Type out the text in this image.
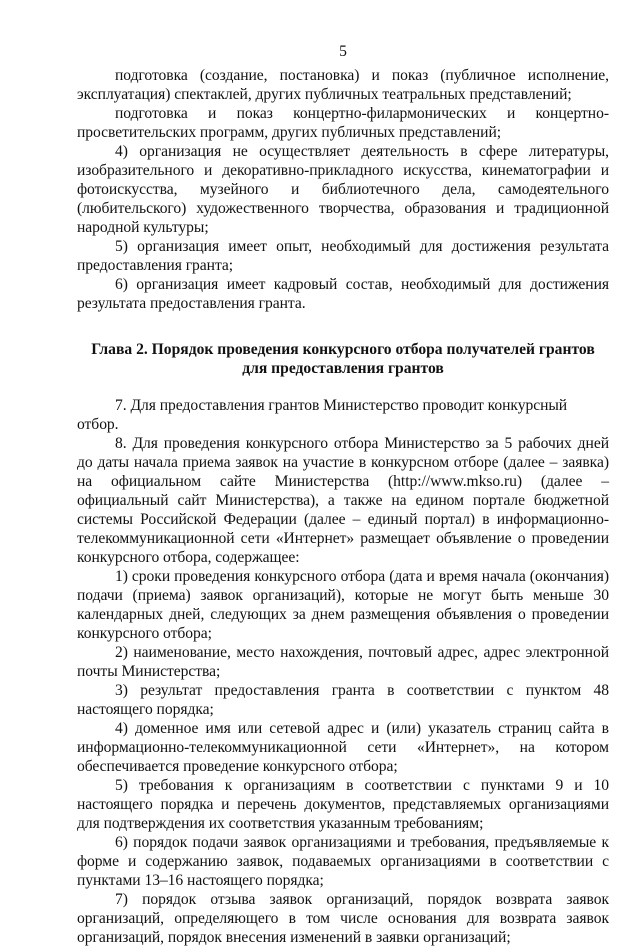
5

подготовка (создание, постановка) и показ (публичное исполнение, эксплуатация) спектаклей, других публичных театральных представлений;

подготовка и показ концертно-филармонических и концертно-просветительских программ, других публичных представлений;

4) организация не осуществляет деятельность в сфере литературы, изобразительного и декоративно-прикладного искусства, кинематографии и фотоискусства, музейного и библиотечного дела, самодеятельного (любительского) художественного творчества, образования и традиционной народной культуры;

5) организация имеет опыт, необходимый для достижения результата предоставления гранта;

6) организация имеет кадровый состав, необходимый для достижения результата предоставления гранта.

Глава 2. Порядок проведения конкурсного отбора получателей грантов
для предоставления грантов

7. Для предоставления грантов Министерство проводит конкурсный отбор.

8. Для проведения конкурсного отбора Министерство за 5 рабочих дней до даты начала приема заявок на участие в конкурсном отборе (далее – заявка) на официальном сайте Министерства (http://www.mkso.ru) (далее – официальный сайт Министерства), а также на едином портале бюджетной системы Российской Федерации (далее – единый портал) в информационно-телекоммуникационной сети «Интернет» размещает объявление о проведении конкурсного отбора, содержащее:

1) сроки проведения конкурсного отбора (дата и время начала (окончания) подачи (приема) заявок организаций), которые не могут быть меньше 30 календарных дней, следующих за днем размещения объявления о проведении конкурсного отбора;

2) наименование, место нахождения, почтовый адрес, адрес электронной почты Министерства;

3) результат предоставления гранта в соответствии с пунктом 48 настоящего порядка;

4) доменное имя или сетевой адрес и (или) указатель страниц сайта в информационно-телекоммуникационной сети «Интернет», на котором обеспечивается проведение конкурсного отбора;

5) требования к организациям в соответствии с пунктами 9 и 10 настоящего порядка и перечень документов, представляемых организациями для подтверждения их соответствия указанным требованиям;

6) порядок подачи заявок организациями и требования, предъявляемые к форме и содержанию заявок, подаваемых организациями в соответствии с пунктами 13–16 настоящего порядка;

7) порядок отзыва заявок организаций, порядок возврата заявок организаций, определяющего в том числе основания для возврата заявок организаций, порядок внесения изменений в заявки организаций;
